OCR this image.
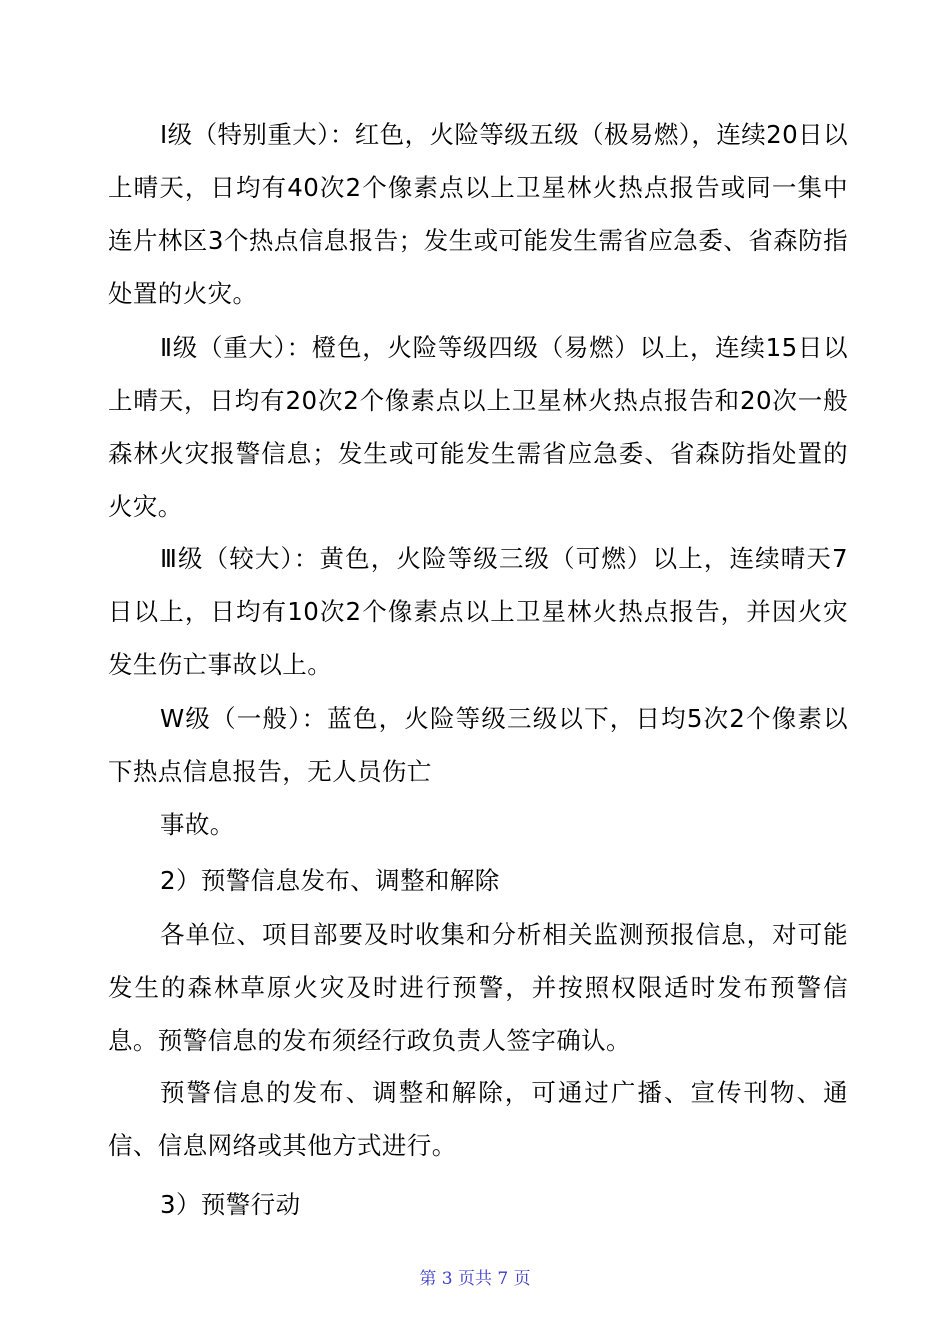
Ⅰ级（特别重大）：红色，火险等级五级（极易燃），连续20日以上晴天，日均有40次2个像素点以上卫星林火热点报告或同一集中连片林区3个热点信息报告；发生或可能发生需省应急委、省森防指处置的火灾。

Ⅱ级（重大）：橙色，火险等级四级（易燃）以上，连续15日以上晴天，日均有20次2个像素点以上卫星林火热点报告和20次一般森林火灾报警信息；发生或可能发生需省应急委、省森防指处置的火灾。

Ⅲ级（较大）：黄色，火险等级三级（可燃）以上，连续晴天7日以上，日均有10次2个像素点以上卫星林火热点报告，并因火灾发生伤亡事故以上。

W级（一般）：蓝色，火险等级三级以下，日均5次2个像素以下热点信息报告，无人员伤亡

事故。

2）预警信息发布、调整和解除

各单位、项目部要及时收集和分析相关监测预报信息，对可能发生的森林草原火灾及时进行预警，并按照权限适时发布预警信息。预警信息的发布须经行政负责人签字确认。

预警信息的发布、调整和解除，可通过广播、宣传刊物、通信、信息网络或其他方式进行。

3）预警行动

第 3 页共 7 页
